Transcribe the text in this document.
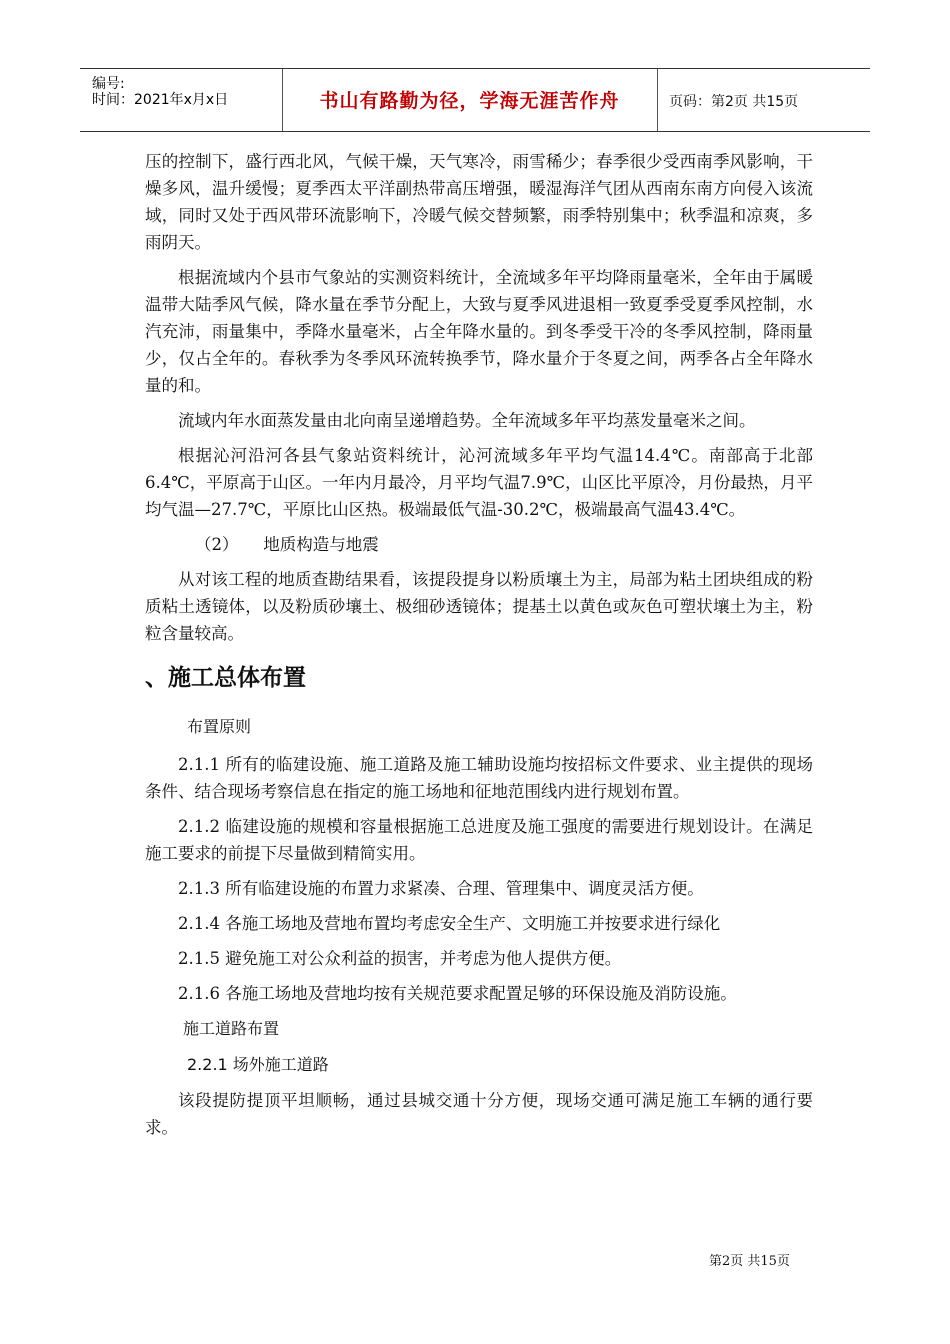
编号:
时间：2021年x月x日	书山有路勤为径，学海无涯苦作舟	页码：第2页 共15页

压的控制下，盛行西北风，气候干燥，天气寒冷，雨雪稀少；春季很少受西南季风影响，干燥多风，温升缓慢；夏季西太平洋副热带高压增强，暖湿海洋气团从西南东南方向侵入该流域，同时又处于西风带环流影响下，冷暖气候交替频繁，雨季特别集中；秋季温和凉爽，多雨阴天。

根据流域内个县市气象站的实测资料统计，全流域多年平均降雨量毫米，全年由于属暖温带大陆季风气候，降水量在季节分配上，大致与夏季风进退相一致夏季受夏季风控制，水汽充沛，雨量集中，季降水量毫米，占全年降水量的。到冬季受干冷的冬季风控制，降雨量少，仅占全年的。春秋季为冬季风环流转换季节，降水量介于冬夏之间，两季各占全年降水量的和。

流域内年水面蒸发量由北向南呈递增趋势。全年流域多年平均蒸发量毫米之间。

根据沁河沿河各县气象站资料统计，沁河流域多年平均气温14.4℃。南部高于北部6.4℃，平原高于山区。一年内月最冷，月平均气温7.9℃，山区比平原冷，月份最热，月平均气温—27.7℃，平原比山区热。极端最低气温-30.2℃，极端最高气温43.4℃。

（2）　　地质构造与地震

从对该工程的地质查勘结果看，该提段提身以粉质壤土为主，局部为粘土团块组成的粉质粘土透镜体，以及粉质砂壤土、极细砂透镜体；提基土以黄色或灰色可塑状壤土为主，粉粒含量较高。

、施工总体布置
布置原则

2.1.1 所有的临建设施、施工道路及施工辅助设施均按招标文件要求、业主提供的现场条件、结合现场考察信息在指定的施工场地和征地范围线内进行规划布置。

2.1.2 临建设施的规模和容量根据施工总进度及施工强度的需要进行规划设计。在满足施工要求的前提下尽量做到精简实用。

2.1.3 所有临建设施的布置力求紧凑、合理、管理集中、调度灵活方便。

2.1.4 各施工场地及营地布置均考虑安全生产、文明施工并按要求进行绿化

2.1.5 避免施工对公众利益的损害，并考虑为他人提供方便。

2.1.6 各施工场地及营地均按有关规范要求配置足够的环保设施及消防设施。

施工道路布置
2.2.1 场外施工道路

该段提防提顶平坦顺畅，通过县城交通十分方便，现场交通可满足施工车辆的通行要求。

第2页 共15页
